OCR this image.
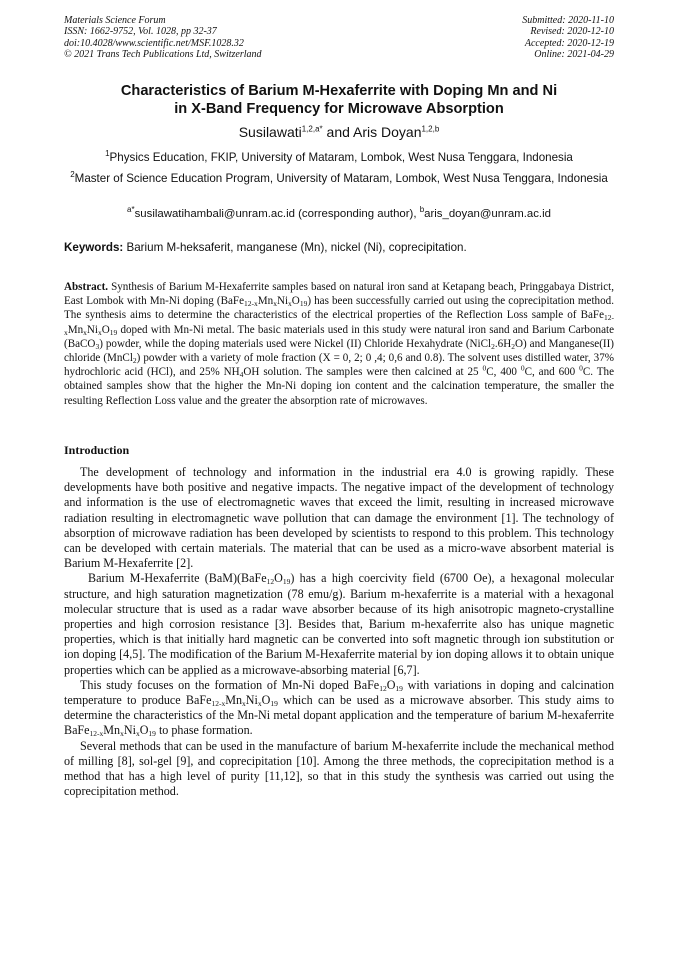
Materials Science Forum
ISSN: 1662-9752, Vol. 1028, pp 32-37
doi:10.4028/www.scientific.net/MSF.1028.32
© 2021 Trans Tech Publications Ltd, Switzerland
Submitted: 2020-11-10
Revised: 2020-12-10
Accepted: 2020-12-19
Online: 2021-04-29
Characteristics of Barium M-Hexaferrite with Doping Mn and Ni
in X-Band Frequency for Microwave Absorption
Susilawati$^{1,2,a*}$ and Aris Doyan$^{1,2,b}$
$^1$Physics Education, FKIP, University of Mataram, Lombok, West Nusa Tenggara, Indonesia
$^2$Master of Science Education Program, University of Mataram, Lombok, West Nusa Tenggara, Indonesia
$^{a*}$susilawatihambali@unram.ac.id (corresponding author), $^b$aris_doyan@unram.ac.id
Keywords: Barium M-heksaferit, manganese (Mn), nickel (Ni), coprecipitation.
Abstract. Synthesis of Barium M-Hexaferrite samples based on natural iron sand at Ketapang beach, Pringgabaya District, East Lombok with Mn-Ni doping $(BaFe_{12-x}Mn_xNi_xO_{19})$ has been successfully carried out using the coprecipitation method. The synthesis aims to determine the characteristics of the electrical properties of the Reflection Loss sample of $BaFe_{12-x}Mn_xNi_xO_{19}$ doped with Mn-Ni metal. The basic materials used in this study were natural iron sand and Barium Carbonate (BaCO$_3$) powder, while the doping materials used were Nickel (II) Chloride Hexahydrate $(NiCl_2.6H_2O)$ and Manganese(II) chloride (MnCl$_2$) powder with a variety of mole fraction (X = 0, 2; 0 ,4; 0,6 and 0.8). The solvent uses distilled water, 37% hydrochloric acid (HCl), and 25% $NH_4OH$ solution. The samples were then calcined at 25 $^0$C, 400 $^0$C, and 600 $^0$C. The obtained samples show that the higher the Mn-Ni doping ion content and the calcination temperature, the smaller the resulting Reflection Loss value and the greater the absorption rate of microwaves.
Introduction

The development of technology and information in the industrial era 4.0 is growing rapidly. These developments have both positive and negative impacts. The negative impact of the development of technology and information is the use of electromagnetic waves that exceed the limit, resulting in increased microwave radiation resulting in electromagnetic wave pollution that can damage the environment [1]. The technology of absorption of microwave radiation has been developed by scientists to respond to this problem. This technology can be developed with certain materials. The material that can be used as a micro-wave absorbent material is Barium M-Hexaferrite [2].

Barium M-Hexaferrite $(BaM)(BaFe_{12}O_{19})$ has a high coercivity field (6700 Oe), a hexagonal molecular structure, and high saturation magnetization (78 emu/g). Barium m-hexaferrite is a material with a hexagonal molecular structure that is used as a radar wave absorber because of its high anisotropic magneto-crystalline properties and high corrosion resistance [3]. Besides that, Barium m-hexaferrite also has unique magnetic properties, which is that initially hard magnetic can be converted into soft magnetic through ion substitution or ion doping [4,5]. The modification of the Barium M-Hexaferrite material by ion doping allows it to obtain unique properties which can be applied as a microwave-absorbing material [6,7].

This study focuses on the formation of Mn-Ni doped $BaFe_{12}O_{19}$ with variations in doping and calcination temperature to produce $BaFe_{12-x}Mn_xNi_xO_{19}$ which can be used as a microwave absorber. This study aims to determine the characteristics of the Mn-Ni metal dopant application and the temperature of barium M-hexaferrite $BaFe_{12-x}Mn_xNi_xO_{19}$ to phase formation.

Several methods that can be used in the manufacture of barium M-hexaferrite include the mechanical method of milling [8], sol-gel [9], and coprecipitation [10]. Among the three methods, the coprecipitation method is a method that has a high level of purity [11,12], so that in this study the synthesis was carried out using the coprecipitation method.
